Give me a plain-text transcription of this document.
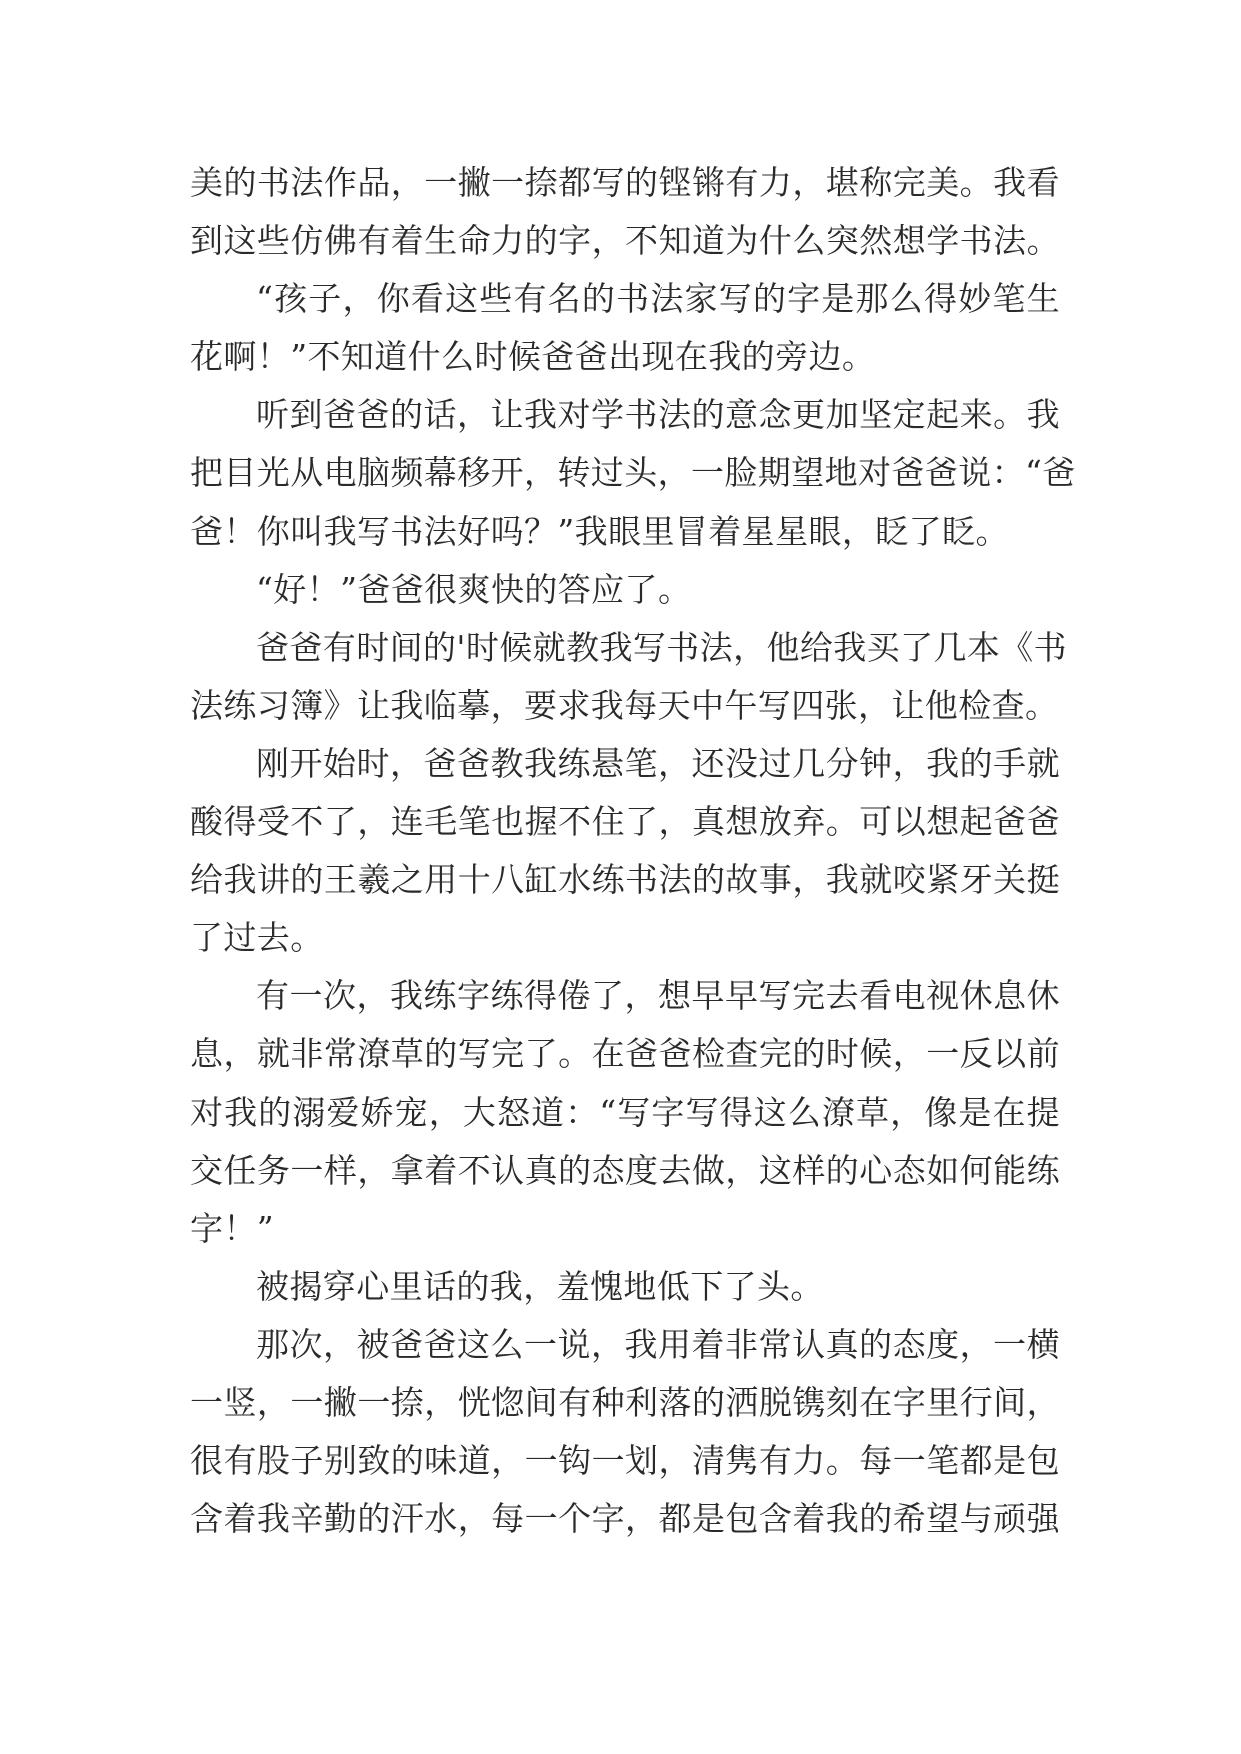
美的书法作品，一撇一捺都写的铿锵有力，堪称完美。我看
到这些仿佛有着生命力的字，不知道为什么突然想学书法。
“孩子，你看这些有名的书法家写的字是那么得妙笔生
花啊！”不知道什么时候爸爸出现在我的旁边。
听到爸爸的话，让我对学书法的意念更加坚定起来。我
把目光从电脑频幕移开，转过头，一脸期望地对爸爸说：“爸
爸！你叫我写书法好吗？”我眼里冒着星星眼，眨了眨。
“好！”爸爸很爽快的答应了。
爸爸有时间的'时候就教我写书法，他给我买了几本《书
法练习簿》让我临摹，要求我每天中午写四张，让他检查。
刚开始时，爸爸教我练悬笔，还没过几分钟，我的手就
酸得受不了，连毛笔也握不住了，真想放弃。可以想起爸爸
给我讲的王羲之用十八缸水练书法的故事，我就咬紧牙关挺
了过去。
有一次，我练字练得倦了，想早早写完去看电视休息休
息，就非常潦草的写完了。在爸爸检查完的时候，一反以前
对我的溺爱娇宠，大怒道：“写字写得这么潦草，像是在提
交任务一样，拿着不认真的态度去做，这样的心态如何能练
字！”
被揭穿心里话的我，羞愧地低下了头。
那次，被爸爸这么一说，我用着非常认真的态度，一横
一竖，一撇一捺，恍惚间有种利落的洒脱镌刻在字里行间，
很有股子别致的味道，一钩一划，清隽有力。每一笔都是包
含着我辛勤的汗水，每一个字，都是包含着我的希望与顽强
